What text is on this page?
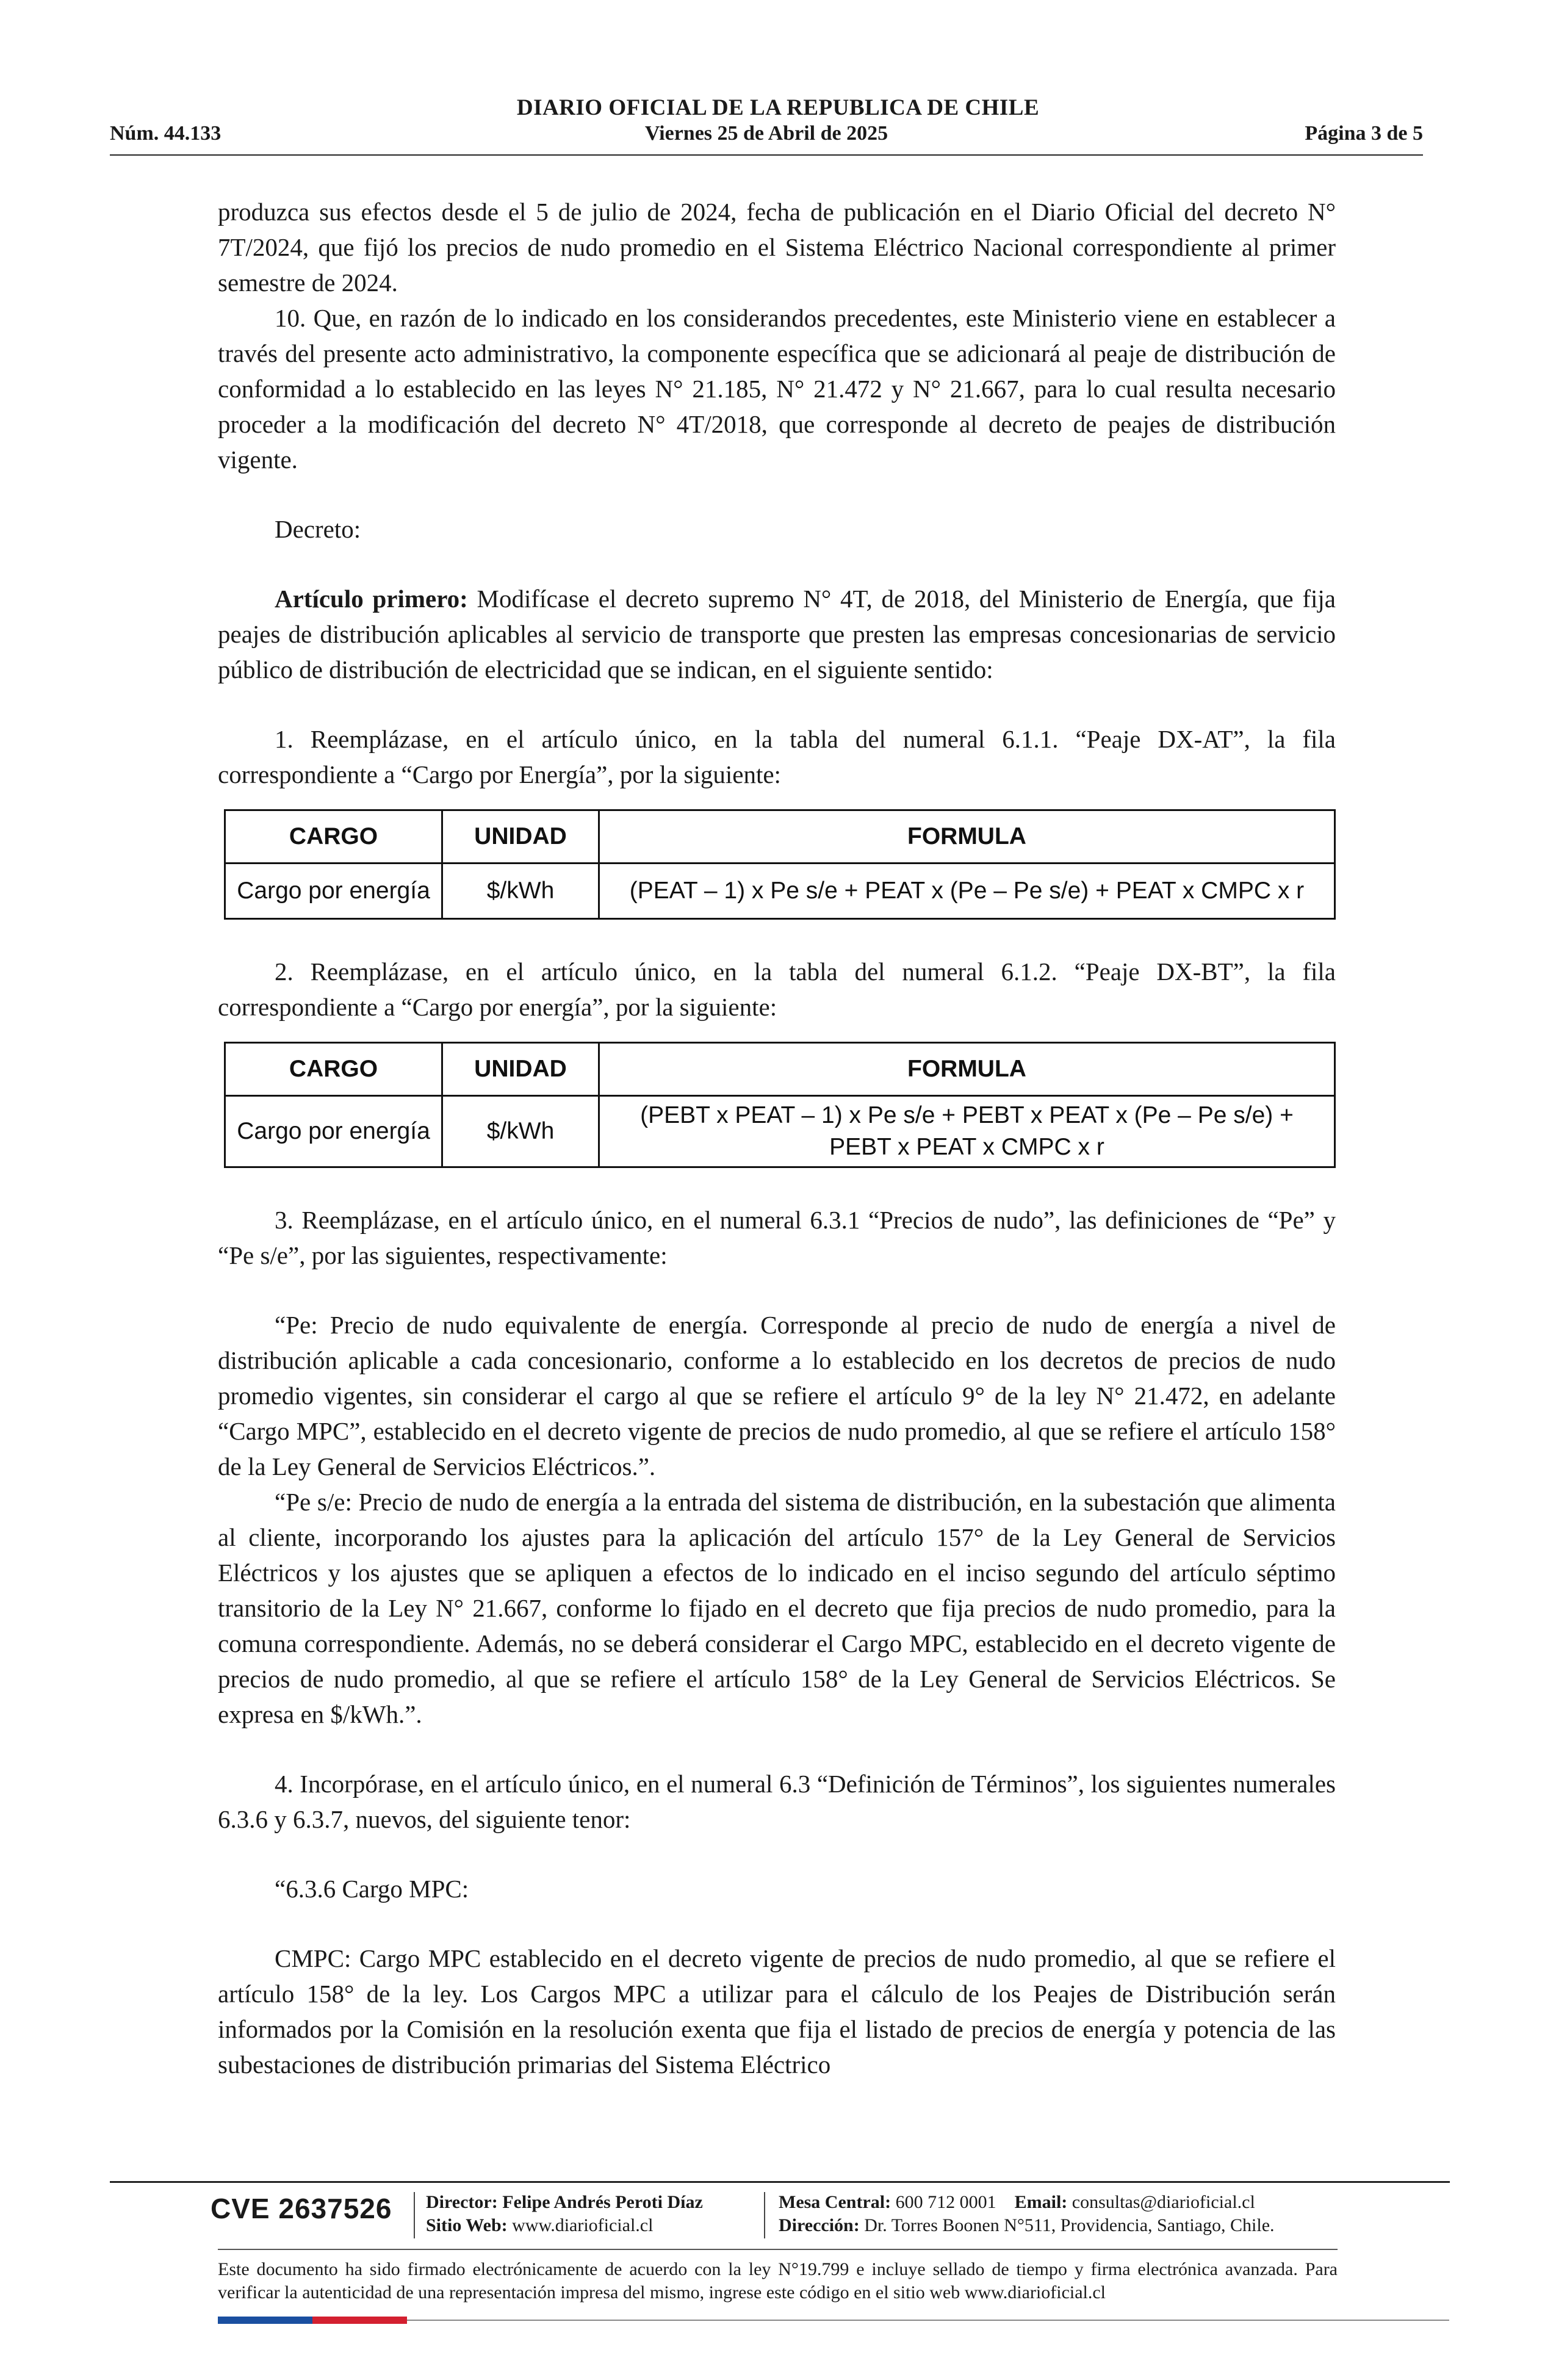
DIARIO OFICIAL DE LA REPUBLICA DE CHILE
Núm. 44.133	Viernes 25 de Abril de 2025	Página 3 de 5

produzca sus efectos desde el 5 de julio de 2024, fecha de publicación en el Diario Oficial del decreto N° 7T/2024, que fijó los precios de nudo promedio en el Sistema Eléctrico Nacional correspondiente al primer semestre de 2024.

10. Que, en razón de lo indicado en los considerandos precedentes, este Ministerio viene en establecer a través del presente acto administrativo, la componente específica que se adicionará al peaje de distribución de conformidad a lo establecido en las leyes N° 21.185, N° 21.472 y N° 21.667, para lo cual resulta necesario proceder a la modificación del decreto N° 4T/2018, que corresponde al decreto de peajes de distribución vigente.

Decreto:

Artículo primero: Modifícase el decreto supremo N° 4T, de 2018, del Ministerio de Energía, que fija peajes de distribución aplicables al servicio de transporte que presten las empresas concesionarias de servicio público de distribución de electricidad que se indican, en el siguiente sentido:

1. Reemplázase, en el artículo único, en la tabla del numeral 6.1.1. “Peaje DX-AT”, la fila correspondiente a “Cargo por Energía”, por la siguiente:

CARGO	UNIDAD	FORMULA
Cargo por energía	$/kWh	(PEAT – 1) x Pe s/e + PEAT x (Pe – Pe s/e) + PEAT x CMPC x r

2. Reemplázase, en el artículo único, en la tabla del numeral 6.1.2. “Peaje DX-BT”, la fila correspondiente a “Cargo por energía”, por la siguiente:

CARGO	UNIDAD	FORMULA
Cargo por energía	$/kWh	(PEBT x PEAT – 1) x Pe s/e + PEBT x PEAT x (Pe – Pe s/e) + PEBT x PEAT x CMPC x r

3. Reemplázase, en el artículo único, en el numeral 6.3.1 “Precios de nudo”, las definiciones de “Pe” y “Pe s/e”, por las siguientes, respectivamente:

“Pe: Precio de nudo equivalente de energía. Corresponde al precio de nudo de energía a nivel de distribución aplicable a cada concesionario, conforme a lo establecido en los decretos de precios de nudo promedio vigentes, sin considerar el cargo al que se refiere el artículo 9° de la ley N° 21.472, en adelante “Cargo MPC”, establecido en el decreto vigente de precios de nudo promedio, al que se refiere el artículo 158° de la Ley General de Servicios Eléctricos.”.

“Pe s/e: Precio de nudo de energía a la entrada del sistema de distribución, en la subestación que alimenta al cliente, incorporando los ajustes para la aplicación del artículo 157° de la Ley General de Servicios Eléctricos y los ajustes que se apliquen a efectos de lo indicado en el inciso segundo del artículo séptimo transitorio de la Ley N° 21.667, conforme lo fijado en el decreto que fija precios de nudo promedio, para la comuna correspondiente. Además, no se deberá considerar el Cargo MPC, establecido en el decreto vigente de precios de nudo promedio, al que se refiere el artículo 158° de la Ley General de Servicios Eléctricos. Se expresa en $/kWh.”.

4. Incorpórase, en el artículo único, en el numeral 6.3 “Definición de Términos”, los siguientes numerales 6.3.6 y 6.3.7, nuevos, del siguiente tenor:

“6.3.6 Cargo MPC:

CMPC: Cargo MPC establecido en el decreto vigente de precios de nudo promedio, al que se refiere el artículo 158° de la ley. Los Cargos MPC a utilizar para el cálculo de los Peajes de Distribución serán informados por la Comisión en la resolución exenta que fija el listado de precios de energía y potencia de las subestaciones de distribución primarias del Sistema Eléctrico

CVE 2637526 Director: Felipe Andrés Peroti Díaz
Sitio Web: www.diarioficial.cl
Mesa Central: 600 712 0001 Email: consultas@diarioficial.cl
Dirección: Dr. Torres Boonen N°511, Providencia, Santiago, Chile.
Este documento ha sido firmado electrónicamente de acuerdo con la ley N°19.799 e incluye sellado de tiempo y firma electrónica avanzada. Para verificar la autenticidad de una representación impresa del mismo, ingrese este código en el sitio web www.diarioficial.cl
